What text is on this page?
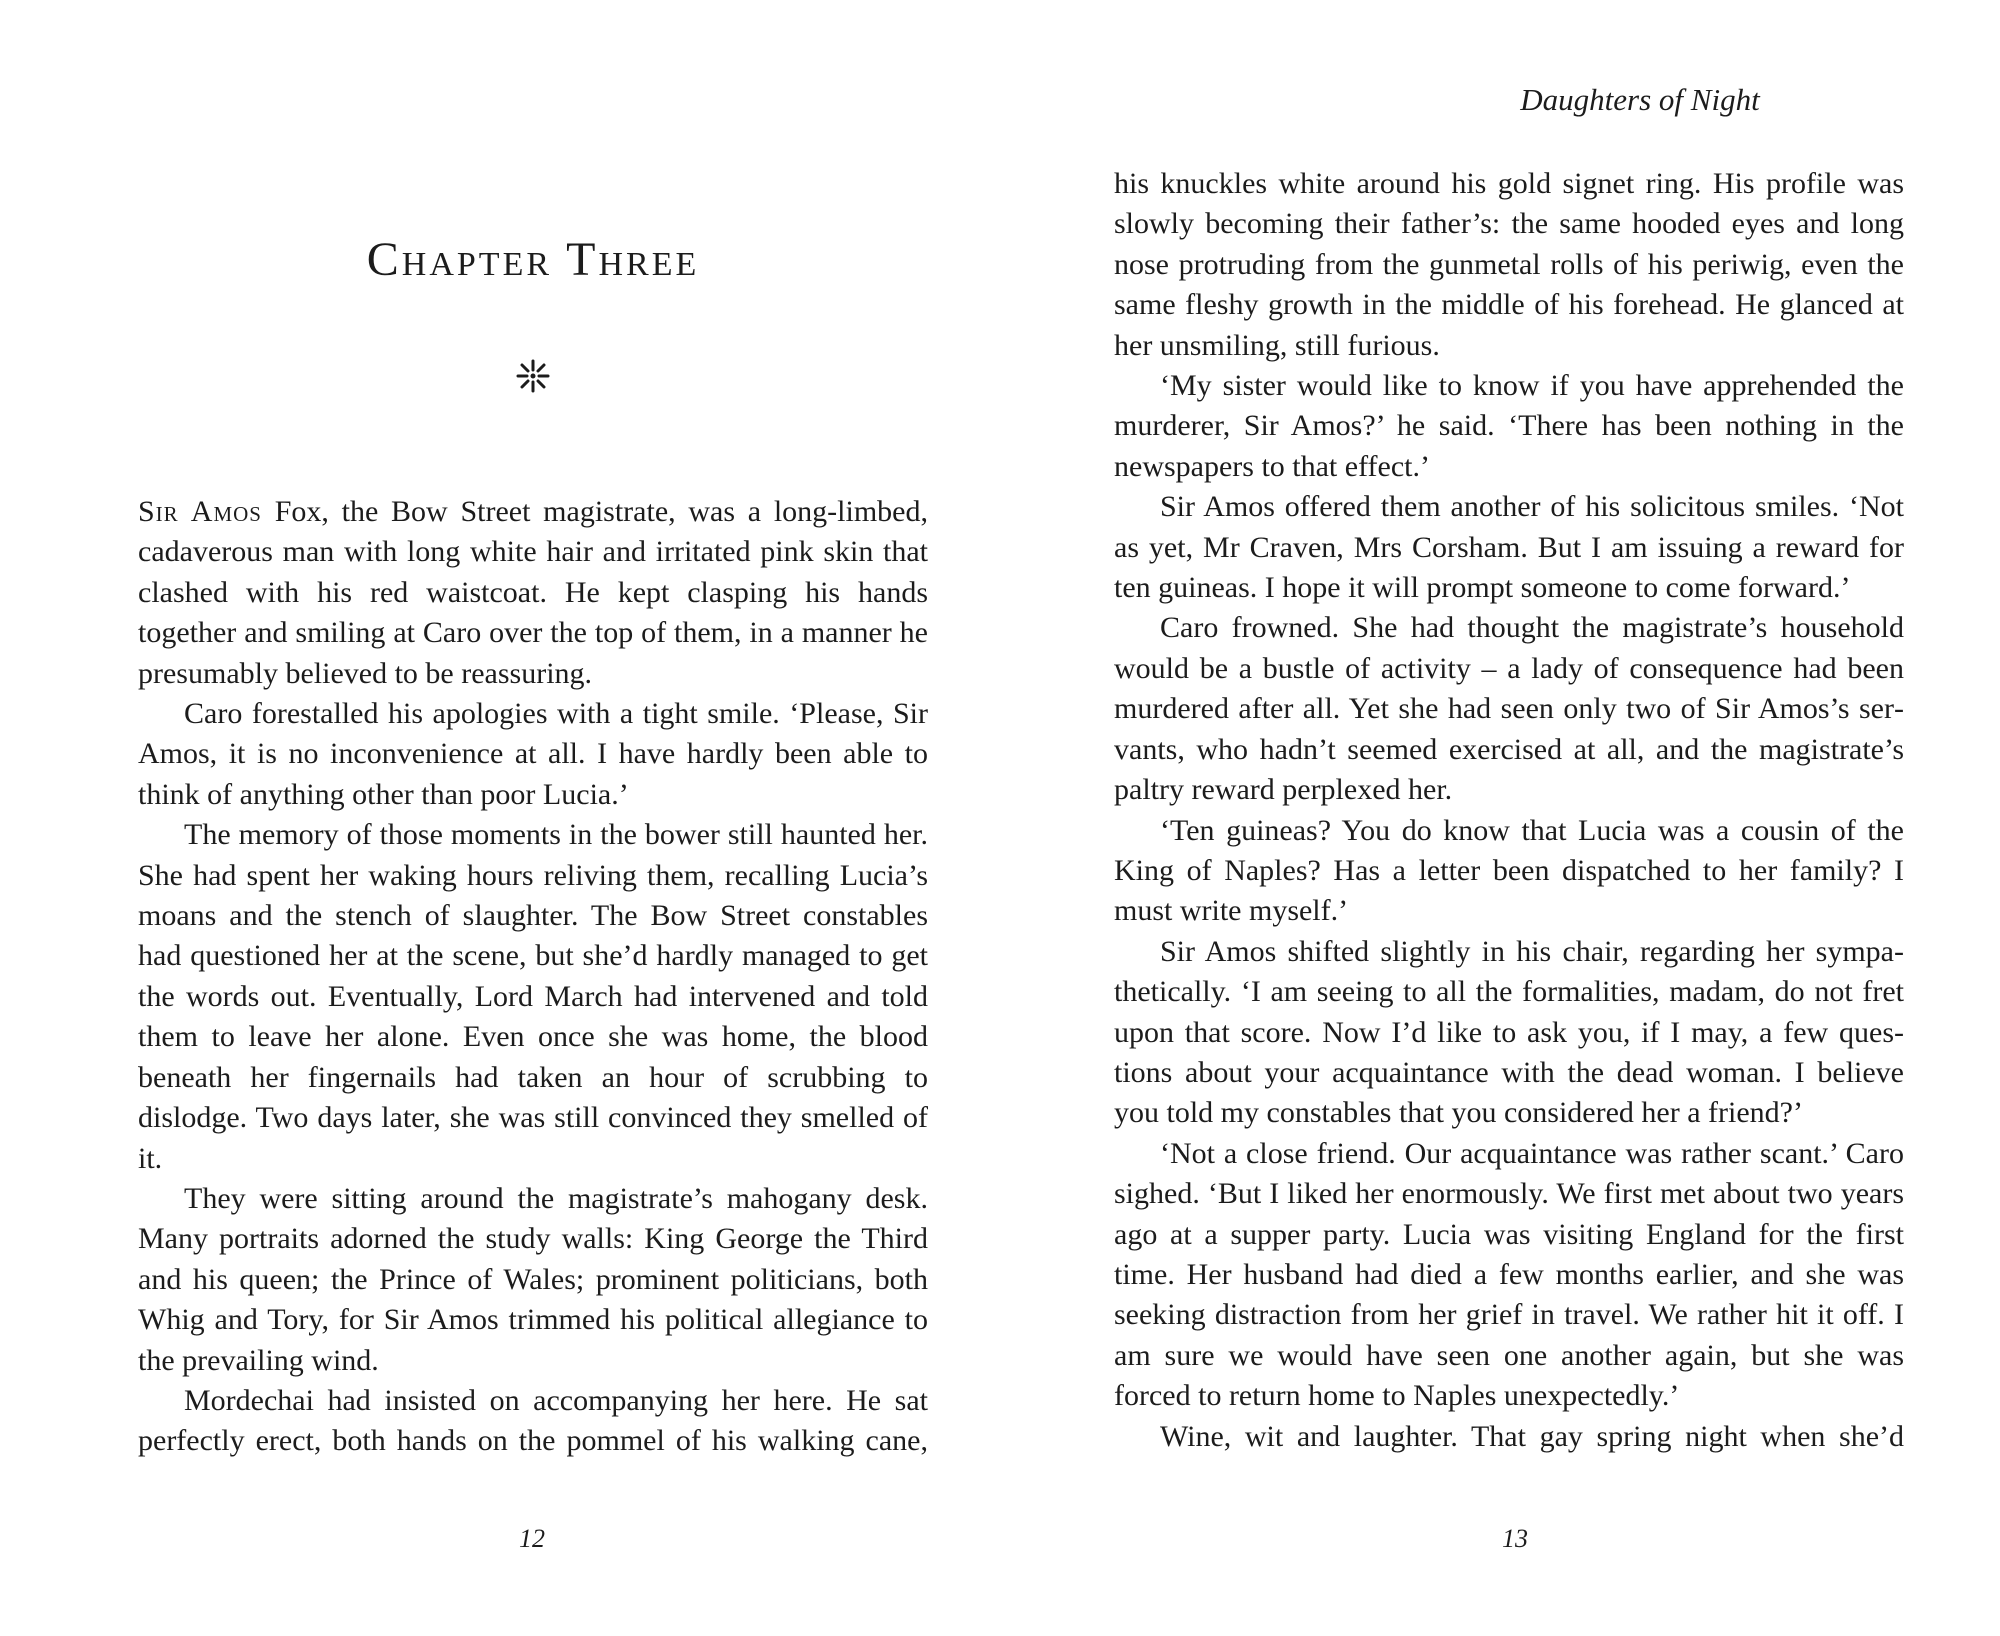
Chapter Three

Sir Amos Fox, the Bow Street magistrate, was a long-limbed, cadaverous man with long white hair and irritated pink skin that clashed with his red waistcoat. He kept clasping his hands together and smiling at Caro over the top of them, in a manner he presumably believed to be reassuring.

Caro forestalled his apologies with a tight smile. ‘Please, Sir Amos, it is no inconvenience at all. I have hardly been able to think of anything other than poor Lucia.’

The memory of those moments in the bower still haunted her. She had spent her waking hours reliving them, recalling Lucia’s moans and the stench of slaughter. The Bow Street constables had questioned her at the scene, but she’d hardly managed to get the words out. Eventually, Lord March had intervened and told them to leave her alone. Even once she was home, the blood beneath her fingernails had taken an hour of scrubbing to dislodge. Two days later, she was still convinced they smelled of it.

They were sitting around the magistrate’s mahogany desk. Many portraits adorned the study walls: King George the Third and his queen; the Prince of Wales; prominent politicians, both Whig and Tory, for Sir Amos trimmed his political allegiance to the prevailing wind.

Mordechai had insisted on accompanying her here. He sat perfectly erect, both hands on the pommel of his walking cane,

12
Daughters of Night

his knuckles white around his gold signet ring. His profile was slowly becoming their father’s: the same hooded eyes and long nose protruding from the gunmetal rolls of his periwig, even the same fleshy growth in the middle of his forehead. He glanced at her unsmiling, still furious.

‘My sister would like to know if you have apprehended the murderer, Sir Amos?’ he said. ‘There has been nothing in the newspapers to that effect.’

Sir Amos offered them another of his solicitous smiles. ‘Not as yet, Mr Craven, Mrs Corsham. But I am issuing a reward for ten guineas. I hope it will prompt someone to come forward.’

Caro frowned. She had thought the magistrate’s household would be a bustle of activity – a lady of consequence had been murdered after all. Yet she had seen only two of Sir Amos’s servants, who hadn’t seemed exercised at all, and the magistrate’s paltry reward perplexed her.

‘Ten guineas? You do know that Lucia was a cousin of the King of Naples? Has a letter been dispatched to her family? I must write myself.’

Sir Amos shifted slightly in his chair, regarding her sympathetically. ‘I am seeing to all the formalities, madam, do not fret upon that score. Now I’d like to ask you, if I may, a few questions about your acquaintance with the dead woman. I believe you told my constables that you considered her a friend?’

‘Not a close friend. Our acquaintance was rather scant.’ Caro sighed. ‘But I liked her enormously. We first met about two years ago at a supper party. Lucia was visiting England for the first time. Her husband had died a few months earlier, and she was seeking distraction from her grief in travel. We rather hit it off. I am sure we would have seen one another again, but she was forced to return home to Naples unexpectedly.’

Wine, wit and laughter. That gay spring night when she’d

13
